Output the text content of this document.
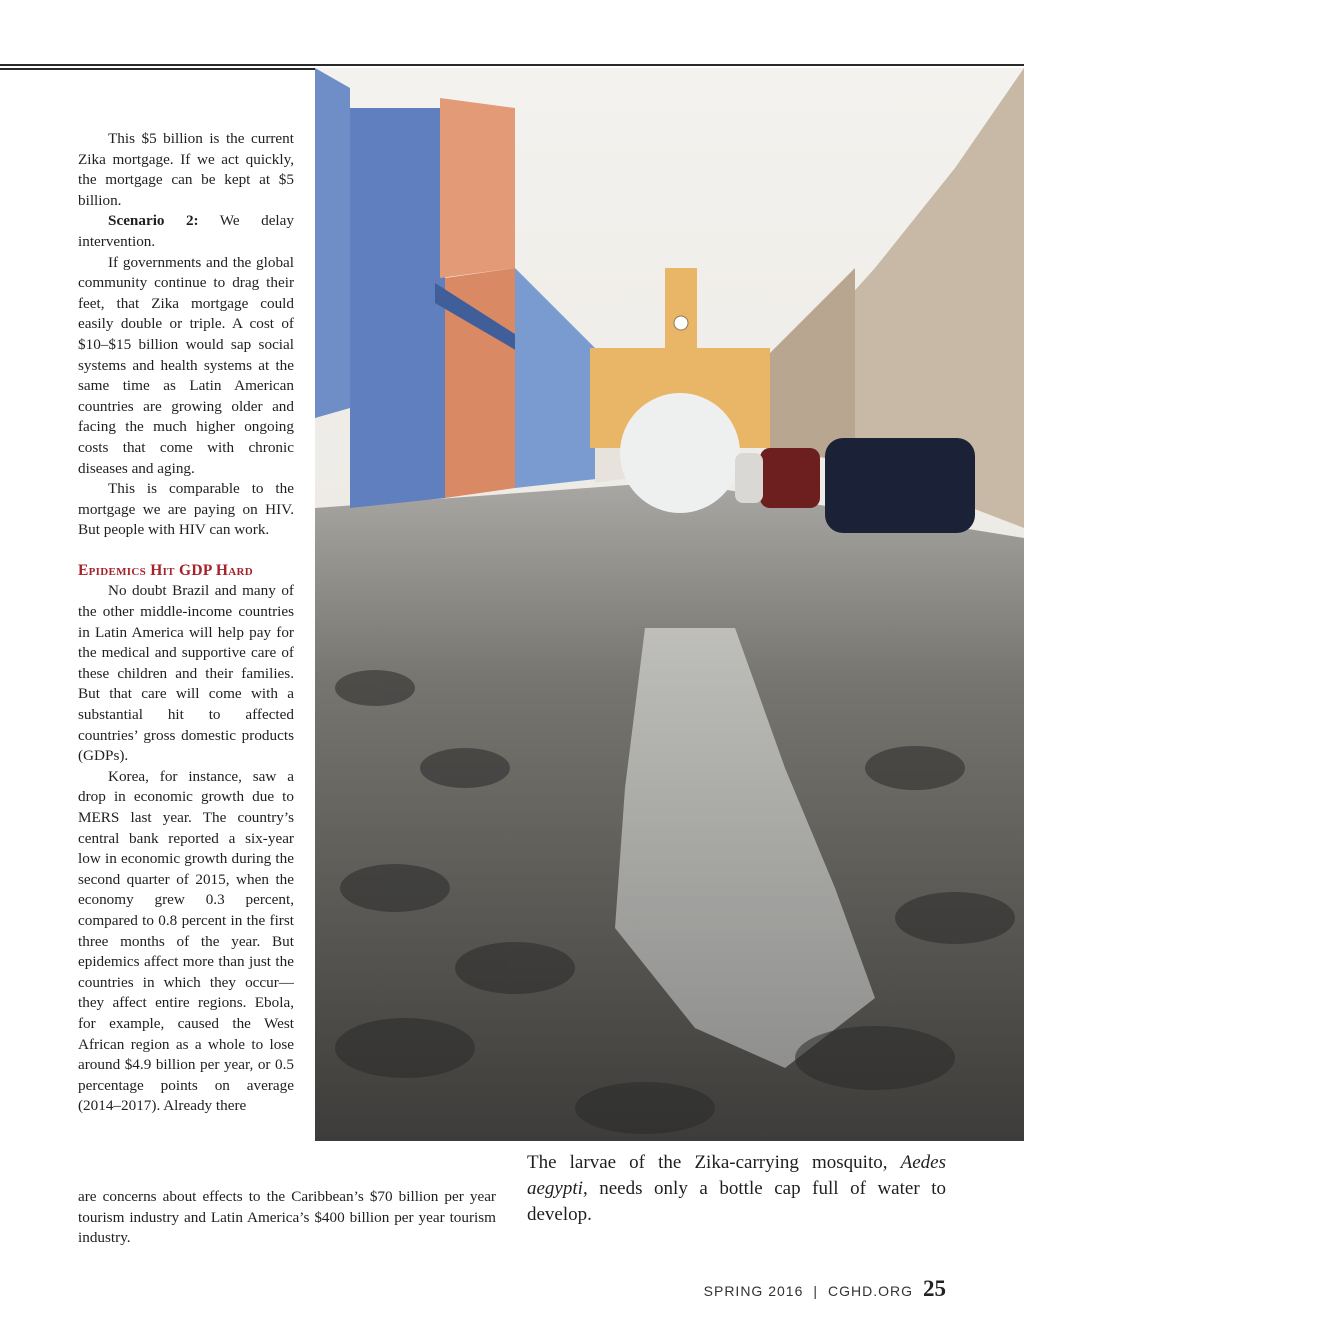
PHOTO CREDIT: TREVOR SNAPP FOR INTRAHEALTH INTERNATIONAL

This $5 billion is the current Zika mortgage. If we act quickly, the mortgage can be kept at $5 billion.

Scenario 2: We delay intervention.

If governments and the global community continue to drag their feet, that Zika mortgage could easily double or triple. A cost of $10–$15 billion would sap social systems and health systems at the same time as Latin American countries are growing older and facing the much higher ongoing costs that come with chronic diseases and aging.

This is comparable to the mortgage we are paying on HIV. But people with HIV can work.

Epidemics Hit GDP Hard

No doubt Brazil and many of the other middle-income countries in Latin America will help pay for the medical and supportive care of these children and their families. But that care will come with a substantial hit to affected countries’ gross domestic products (GDPs).

Korea, for instance, saw a drop in economic growth due to MERS last year. The country’s central bank reported a six-year low in economic growth during the second quarter of 2015, when the economy grew 0.3 percent, compared to 0.8 percent in the first three months of the year. But epidemics affect more than just the countries in which they occur—they affect entire regions. Ebola, for example, caused the West African region as a whole to lose around $4.9 billion per year, or 0.5 percentage points on average (2014–2017). Already there

are concerns about effects to the Caribbean’s $70 billion per year tourism industry and Latin America’s $400 billion per year tourism industry.

The larvae of the Zika-carrying mosquito, Aedes aegypti, needs only a bottle cap full of water to develop.
SPRING 2016 | CGHD.ORG 25
